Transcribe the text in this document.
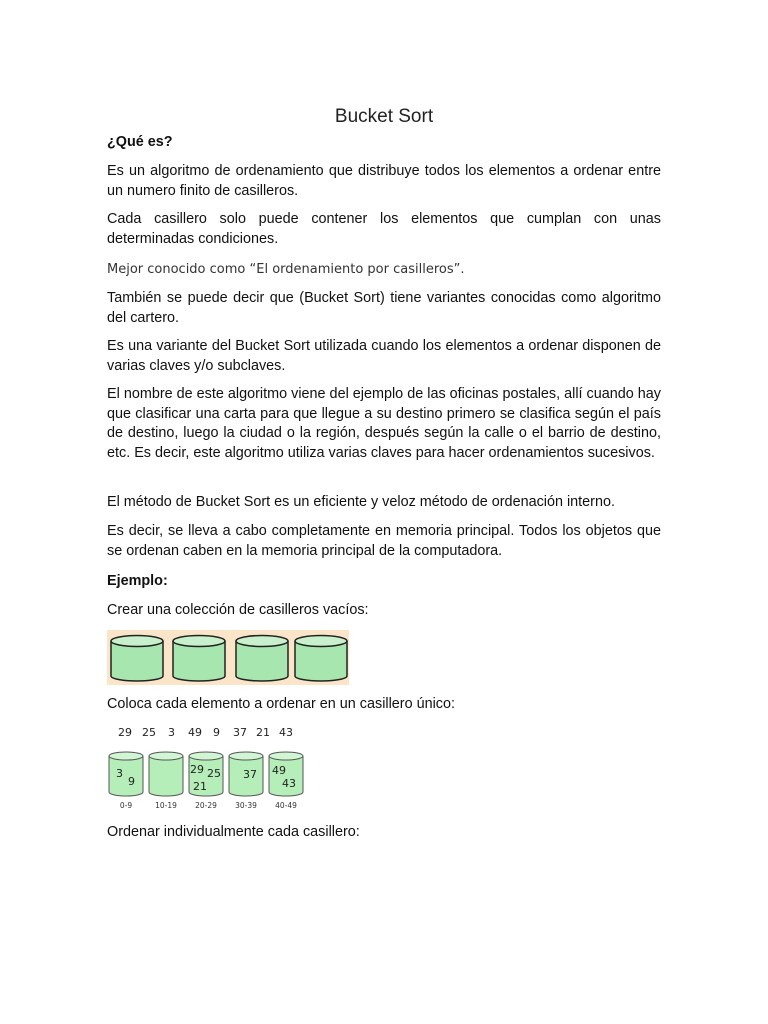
Bucket Sort
¿Qué es?
Es un algoritmo de ordenamiento que distribuye todos los elementos a ordenar entre un numero finito de casilleros.
Cada casillero solo puede contener los elementos que cumplan con unas determinadas condiciones.
Mejor conocido como “El ordenamiento por casilleros”.
También se puede decir que (Bucket Sort) tiene variantes conocidas como algoritmo del cartero.
Es una variante del Bucket Sort utilizada cuando los elementos a ordenar disponen de varias claves y/o subclaves.
El nombre de este algoritmo viene del ejemplo de las oficinas postales, allí cuando hay que clasificar una carta para que llegue a su destino primero se clasifica según el país de destino, luego la ciudad o la región, después según la calle o el barrio de destino, etc. Es decir, este algoritmo utiliza varias claves para hacer ordenamientos sucesivos.
El método de Bucket Sort es un eficiente y veloz método de ordenación interno.
Es decir, se lleva a cabo completamente en memoria principal. Todos los objetos que se ordenan caben en la memoria principal de la computadora.
Ejemplo:
Crear una colección de casilleros vacíos:
Coloca cada elemento a ordenar en un casillero único:
29 25 3 49 9 37 21 43
3
9
29 25
21
37 49
43
0-9	10-19 20-29 30-39 40-49
Ordenar individualmente cada casillero:
